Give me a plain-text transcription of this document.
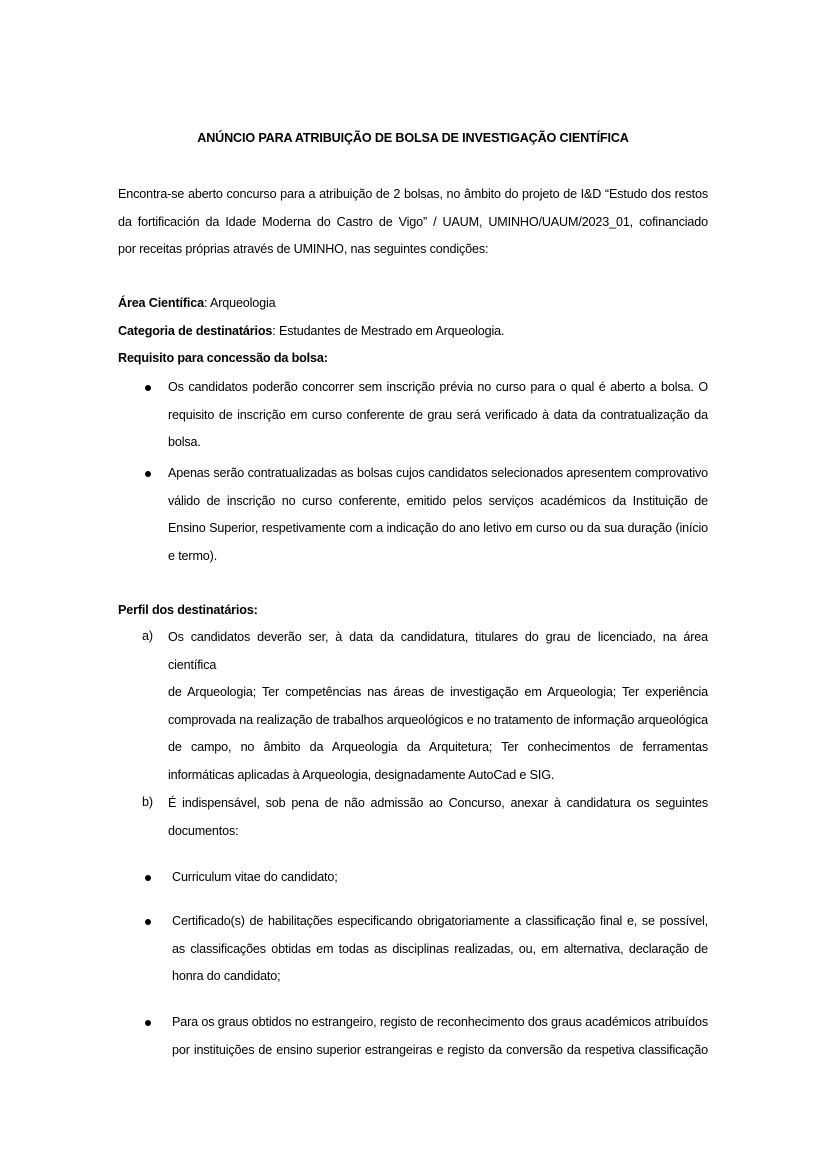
ANÚNCIO PARA ATRIBUIÇÃO DE BOLSA DE INVESTIGAÇÃO CIENTÍFICA

Encontra-se aberto concurso para a atribuição de 2 bolsas, no âmbito do projeto de I&D “Estudo dos restos
da fortificación da Idade Moderna do Castro de Vigo” / UAUM, UMINHO/UAUM/2023_01, cofinanciado
por receitas próprias através de UMINHO, nas seguintes condições:

Área Científica: Arqueologia
Categoria de destinatários: Estudantes de Mestrado em Arqueologia.
Requisito para concessão da bolsa:

Os candidatos poderão concorrer sem inscrição prévia no curso para o qual é aberto a bolsa. O
requisito de inscrição em curso conferente de grau será verificado à data da contratualização da
bolsa.

Apenas serão contratualizadas as bolsas cujos candidatos selecionados apresentem comprovativo
válido de inscrição no curso conferente, emitido pelos serviços académicos da Instituição de
Ensino Superior, respetivamente com a indicação do ano letivo em curso ou da sua duração (início
e termo).

Perfil dos destinatários:
a) Os candidatos deverão ser, à data da candidatura, titulares do grau de licenciado, na área científica
de Arqueologia; Ter competências nas áreas de investigação em Arqueologia; Ter experiência
comprovada na realização de trabalhos arqueológicos e no tratamento de informação arqueológica
de campo, no âmbito da Arqueologia da Arquitetura; Ter conhecimentos de ferramentas
informáticas aplicadas à Arqueologia, designadamente AutoCad e SIG.

b) É indispensável, sob pena de não admissão ao Concurso, anexar à candidatura os seguintes
documentos:

Curriculum vitae do candidato;

Certificado(s) de habilitações especificando obrigatoriamente a classificação final e, se possível,
as classificações obtidas em todas as disciplinas realizadas, ou, em alternativa, declaração de
honra do candidato;

Para os graus obtidos no estrangeiro, registo de reconhecimento dos graus académicos atribuídos
por instituições de ensino superior estrangeiras e registo da conversão da respetiva classificação
